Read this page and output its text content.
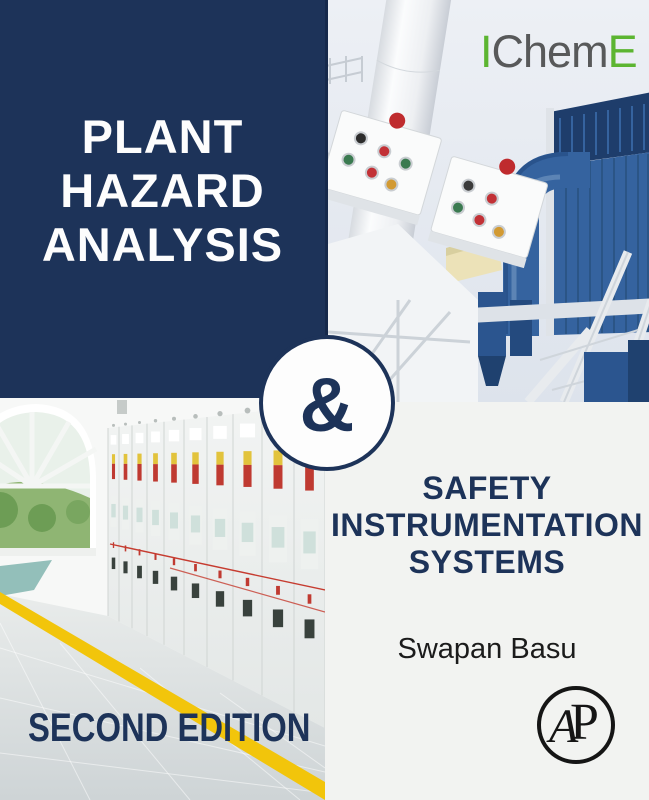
PLANT
HAZARD
ANALYSIS
IChemE
SECOND EDITION
SAFETY
INSTRUMENTATION
SYSTEMS
Swapan Basu
A
P
&
